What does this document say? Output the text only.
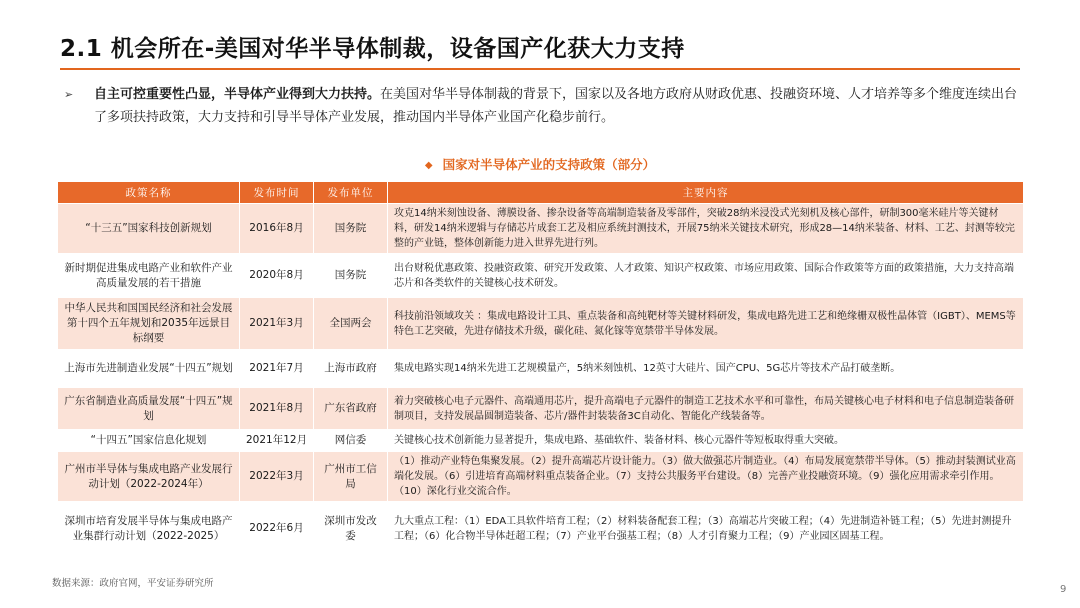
2.1 机会所在-美国对华半导体制裁，设备国产化获大力支持
➢ 自主可控重要性凸显，半导体产业得到大力扶持。在美国对华半导体制裁的背景下，国家以及各地方政府从财政优惠、投融资环境、人才培养等多个维度连续出台了多项扶持政策，大力支持和引导半导体产业发展，推动国内半导体产业国产化稳步前行。
◆ 国家对半导体产业的支持政策（部分）
政策名称	发布时间	发布单位	主要内容
“十三五”国家科技创新规划	2016年8月	国务院	攻克14纳米刻蚀设备、薄膜设备、掺杂设备等高端制造装备及零部件，突破28纳米浸没式光刻机及核心部件，研制300毫米硅片等关键材料，研发14纳米逻辑与存储芯片成套工艺及相应系统封测技术，开展75纳米关键技术研究，形成28—14纳米装备、材料、工艺、封测等较完整的产业链，整体创新能力进入世界先进行列。
新时期促进集成电路产业和软件产业高质量发展的若干措施	2020年8月	国务院	出台财税优惠政策、投融资政策、研究开发政策、人才政策、知识产权政策、市场应用政策、国际合作政策等方面的政策措施，大力支持高端芯片和各类软件的关键核心技术研发。
中华人民共和国国民经济和社会发展第十四个五年规划和2035年远景目标纲要	2021年3月	全国两会	科技前沿领域攻关 ：集成电路设计工具、重点装备和高纯靶材等关键材料研发，集成电路先进工艺和绝缘栅双极性晶体管（IGBT）、MEMS等特色工艺突破，先进存储技术升级，碳化硅、氮化镓等宽禁带半导体发展。
上海市先进制造业发展“十四五”规划	2021年7月	上海市政府	集成电路实现14纳米先进工艺规模量产，5纳米刻蚀机、12英寸大硅片、国产CPU、5G芯片等技术产品打破垄断。
广东省制造业高质量发展“十四五”规划	2021年8月	广东省政府	着力突破核心电子元器件、高端通用芯片，提升高端电子元器件的制造工艺技术水平和可靠性，布局关键核心电子材料和电子信息制造装备研制项目，支持发展晶圆制造装备、芯片/器件封装装备3C自动化、智能化产线装备等。
“十四五”国家信息化规划	2021年12月	网信委	关键核心技术创新能力显著提升，集成电路、基础软件、装备材料、核心元器件等短板取得重大突破。
广州市半导体与集成电路产业发展行动计划（2022-2024年）	2022年3月	广州市工信局	（1）推动产业特色集聚发展。（2）提升高端芯片设计能力。（3）做大做强芯片制造业。（4）布局发展宽禁带半导体。（5）推动封装测试业高端化发展。（6）引进培育高端材料重点装备企业。（7）支持公共服务平台建设。（8）完善产业投融资环境。（9）强化应用需求牵引作用。（10）深化行业交流合作。
深圳市培育发展半导体与集成电路产业集群行动计划（2022-2025）	2022年6月	深圳市发改委	九大重点工程：（1）EDA工具软件培育工程；（2）材料装备配套工程；（3）高端芯片突破工程；（4）先进制造补链工程；（5）先进封测提升工程；（6）化合物半导体赶超工程；（7）产业平台强基工程；（8）人才引育聚力工程；（9）产业园区固基工程。
数据来源：政府官网，平安证券研究所
9
